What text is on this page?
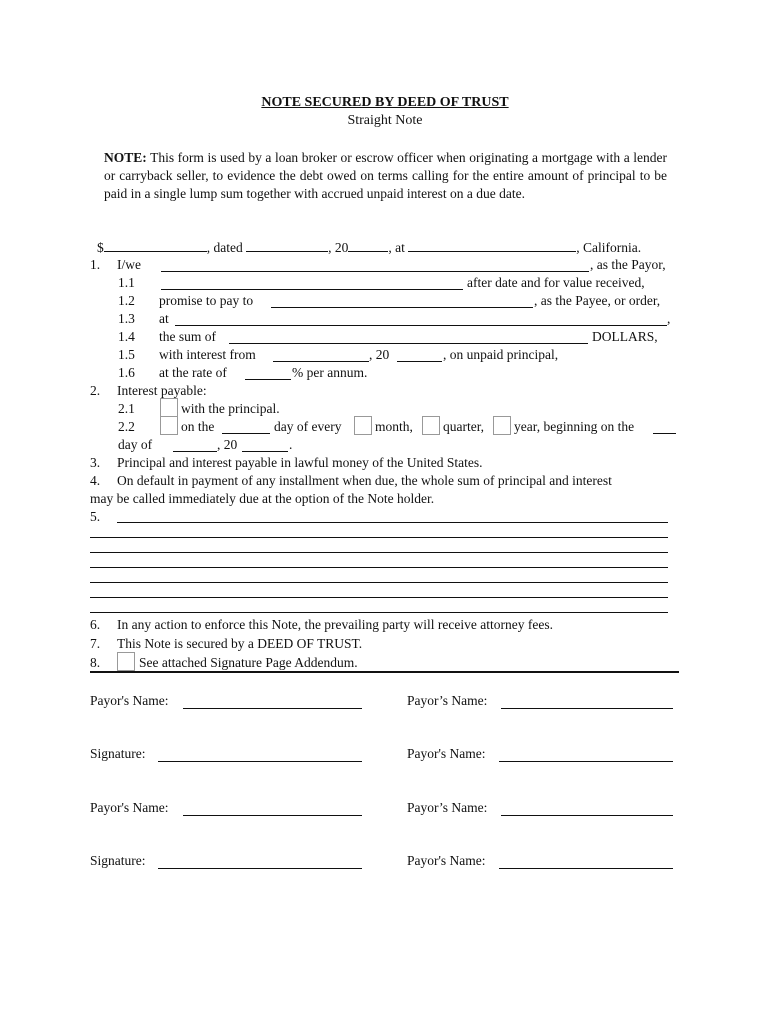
NOTE SECURED BY DEED OF TRUST
Straight Note
NOTE: This form is used by a loan broker or escrow officer when originating a mortgage with a lender or carryback seller, to evidence the debt owed on terms calling for the entire amount of principal to be paid in a single lump sum together with accrued unpaid interest on a due date.
$	, dated	, 20	, at	, California.
1. I/we	, as the Payor,
1.1	after date and for value received,
1.2 promise to pay to	, as the Payee, or order,
1.3 at	,
1.4 the sum of	DOLLARS,
1.5 with interest from	, 20	, on unpaid principal,
1.6 at the rate of	% per annum.
2. Interest payable:
2.1	with the principal.
2.2	on the	day of every month, quarter, year, beginning on the
day of	, 20	.
3. Principal and interest payable in lawful money of the United States.
4. On default in payment of any installment when due, the whole sum of principal and interest
may be called immediately due at the option of the Note holder.
5.
6. In any action to enforce this Note, the prevailing party will receive attorney fees.
7. This Note is secured by a DEED OF TRUST.
8.	See attached Signature Page Addendum.
Payor's Name:	Payor’s Name:
Signature:	Payor's Name:
Payor's Name:	Payor’s Name:
Signature:	Payor's Name:
